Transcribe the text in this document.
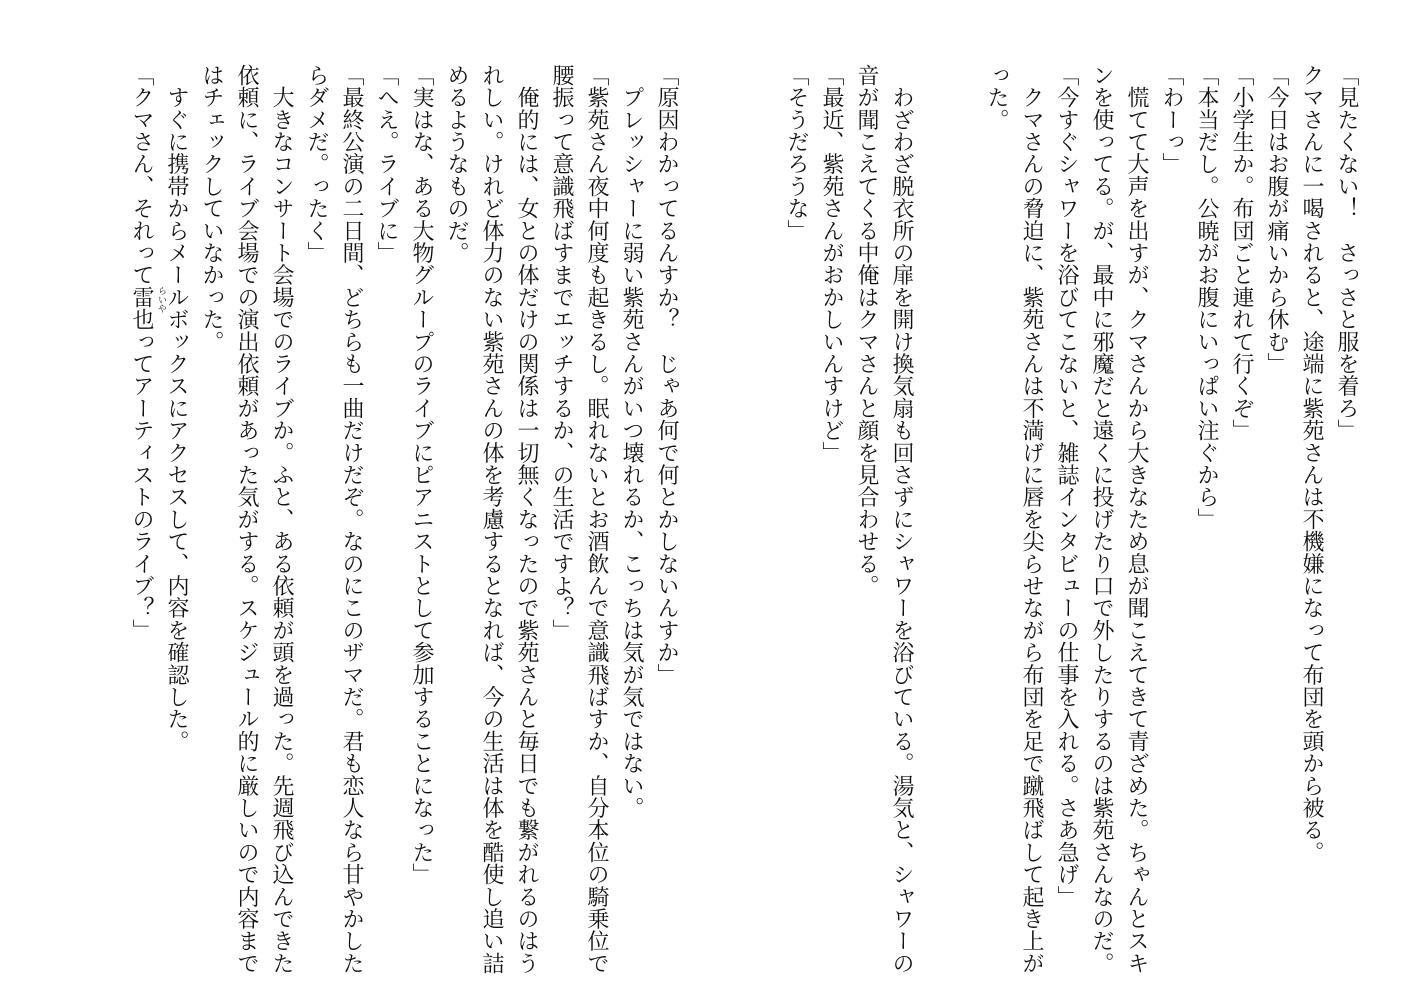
「見たくない！　さっさと服を着ろ」
クマさんに一喝されると、途端に紫苑さんは不機嫌になって布団を頭から被る。
「今日はお腹が痛いから休む」
「小学生か。布団ごと連れて行くぞ」
「本当だし。公暁がお腹にいっぱい注ぐから」
「わーっ」
　慌てて大声を出すが、クマさんから大きなため息が聞こえてきて青ざめた。ちゃんとスキ
ンを使ってる。が、最中に邪魔だと遠くに投げたり口で外したりするのは紫苑さんなのだ。
「今すぐシャワーを浴びてこないと、雑誌インタビューの仕事を入れる。さあ急げ」
　クマさんの脅迫に、紫苑さんは不満げに唇を尖らせながら布団を足で蹴飛ばして起き上が
った。
　わざわざ脱衣所の扉を開け換気扇も回さずにシャワーを浴びている。湯気と、シャワーの
音が聞こえてくる中俺はクマさんと顔を見合わせる。
「最近、紫苑さんがおかしいんすけど」
「そうだろうな」
「原因わかってるんすか？　じゃあ何で何とかしないんすか」
　プレッシャーに弱い紫苑さんがいつ壊れるか、こっちは気が気ではない。
「紫苑さん夜中何度も起きるし。眠れないとお酒飲んで意識飛ばすか、自分本位の騎乗位で
腰振って意識飛ばすまでエッチするか、の生活ですよ？」
　俺的には、女との体だけの関係は一切無くなったので紫苑さんと毎日でも繋がれるのはう
れしい。けれど体力のない紫苑さんの体を考慮するとなれば、今の生活は体を酷使し追い詰
めるようなものだ。
「実はな、ある大物グループのライブにピアニストとして参加することになった」
「へえ。ライブに」
「最終公演の二日間、どちらも一曲だけだぞ。なのにこのザマだ。君も恋人なら甘やかした
らダメだ。ったく」
　大きなコンサート会場でのライブか。ふと、ある依頼が頭を過った。先週飛び込んできた
依頼に、ライブ会場での演出依頼があった気がする。スケジュール的に厳しいので内容まで
はチェックしていなかった。
　すぐに携帯からメールボックスにアクセスして、内容を確認した。
「クマさん、それって雷也 らいや
ってアーティストのライブ？」
